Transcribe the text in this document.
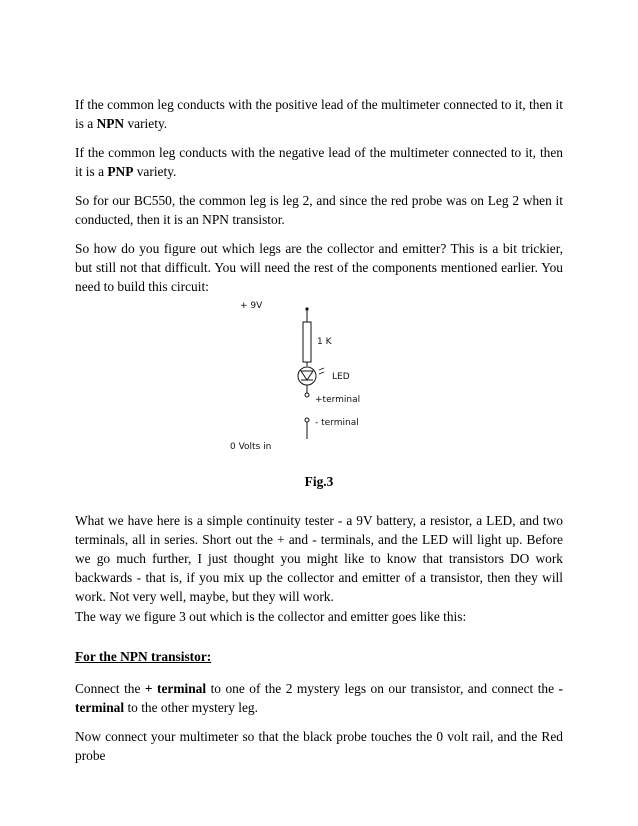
If the common leg conducts with the positive lead of the multimeter connected to it, then it is a NPN variety.

If the common leg conducts with the negative lead of the multimeter connected to it, then it is a PNP variety.

So for our BC550, the common leg is leg 2, and since the red probe was on Leg 2 when it conducted, then it is an NPN transistor.

So how do you figure out which legs are the collector and emitter? This is a bit trickier, but still not that difficult. You will need the rest of the components mentioned earlier. You need to build this circuit:

+ 9V
1 K
LED
+terminal
- terminal
0 Volts in

Fig.3

What we have here is a simple continuity tester - a 9V battery, a resistor, a LED, and two terminals, all in series. Short out the + and - terminals, and the LED will light up. Before we go much further, I just thought you might like to know that transistors DO work backwards - that is, if you mix up the collector and emitter of a transistor, then they will work. Not very well, maybe, but they will work.

The way we figure 3 out which is the collector and emitter goes like this:

For the NPN transistor:

Connect the + terminal to one of the 2 mystery legs on our transistor, and connect the - terminal to the other mystery leg.

Now connect your multimeter so that the black probe touches the 0 volt rail, and the Red probe
